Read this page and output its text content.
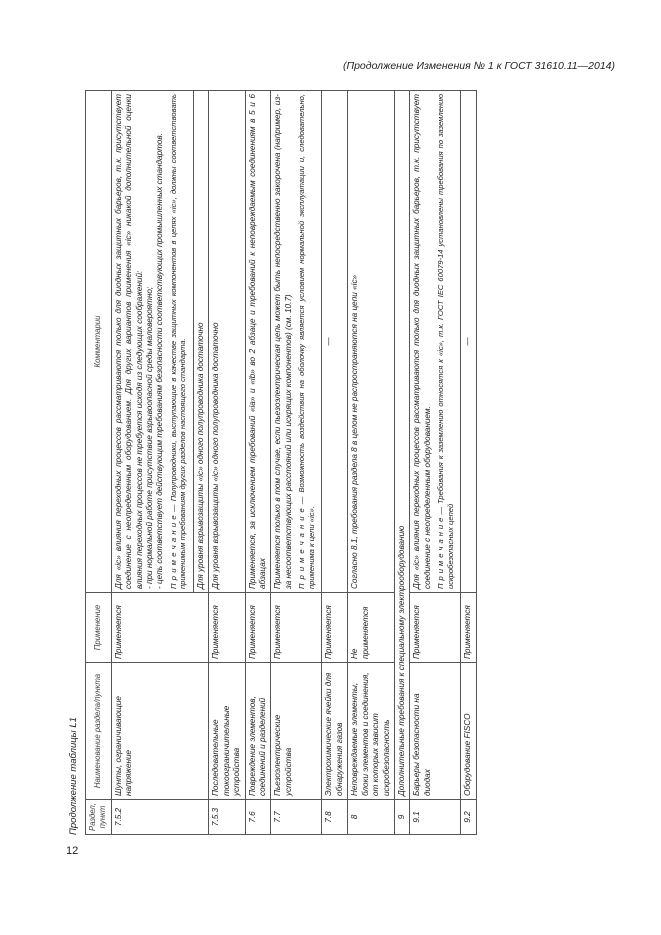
(Продолжение Изменения № 1 к ГОСТ 31610.11—2014)
Продолжение таблицы L1	Раздел, пункт	Наименование раздела/пункта	Применение	Комментарии
7.5.2	Шунты, ограничивающие напряжение	Применяется	Для «ic» влияния переходных процессов рассматриваются только для диодных защитных барьеров, т.к. присутствует соединение с неопределенным оборудованием. Для других вариантов применения «ic» никакой дополнительной оценки влияния переходных процессов не требуется исходя из следующих соображений: - при нормальной работе присутствие взрывоопасной среды маловероятно; - цепь соответствует действующим требованиям безопасности соответствующих промышленных стандартов. П р и м е ч а н и е — Полупроводники, выступающие в качестве защитных компонентов в цепях «ic», должны соответствовать применимым требованиям других разделов настоящего стандарта.

			Для уровня взрывозащиты «ic» одного полупроводника достаточно
7.5.3	Последовательные токоограничительные устройства	Применяется	Для уровня взрывозащиты «ic» одного полупроводника достаточно
7.6	Повреждение элементов, соединений и разделений	Применяется	Применяется, за исключением требований «ia» и «ib» во 2 абзаце и требований к неповреждаемым соединениям в 5 и 6 абзацах
7.7	Пьезоэлектрические устройства	Применяется	Применяется только в том случае, если пьезоэлектрическая цепь может быть непосредственно закорочена (например, из-за несоответствующих расстояний или искрящих компонентов) (см. 10.7) П р и м е ч а н и е — Возможность воздействия на оболочку является условием нормальной эксплуатации и, следовательно, применима к цепи «ic».

7.8	Электрохимические ячейки для обнаружения газов	Применяется	—
8	Неповреждаемые элементы, блоки элементов и соединения, от которых зависит искробезопасность	Не применяется	Согласно 8.1, требования раздела 8 в целом не распространяются на цепи «ic»
9	Дополнительные требования к специальному электрооборудованию		
9.1	Барьеры безопасности на диодах	Применяется	Для «ic» влияния переходных процессов рассматриваются только для диодных защитных барьеров, т.к. присутствует соединение с неопределенным оборудованием. П р и м е ч а н и е — Требования к заземлению относятся к «ic», т.к. ГОСТ IEC 60079-14 установлены требования по заземлению искробезопасных цепей

9.2	Оборудование FISCO	Применяется	—
12
